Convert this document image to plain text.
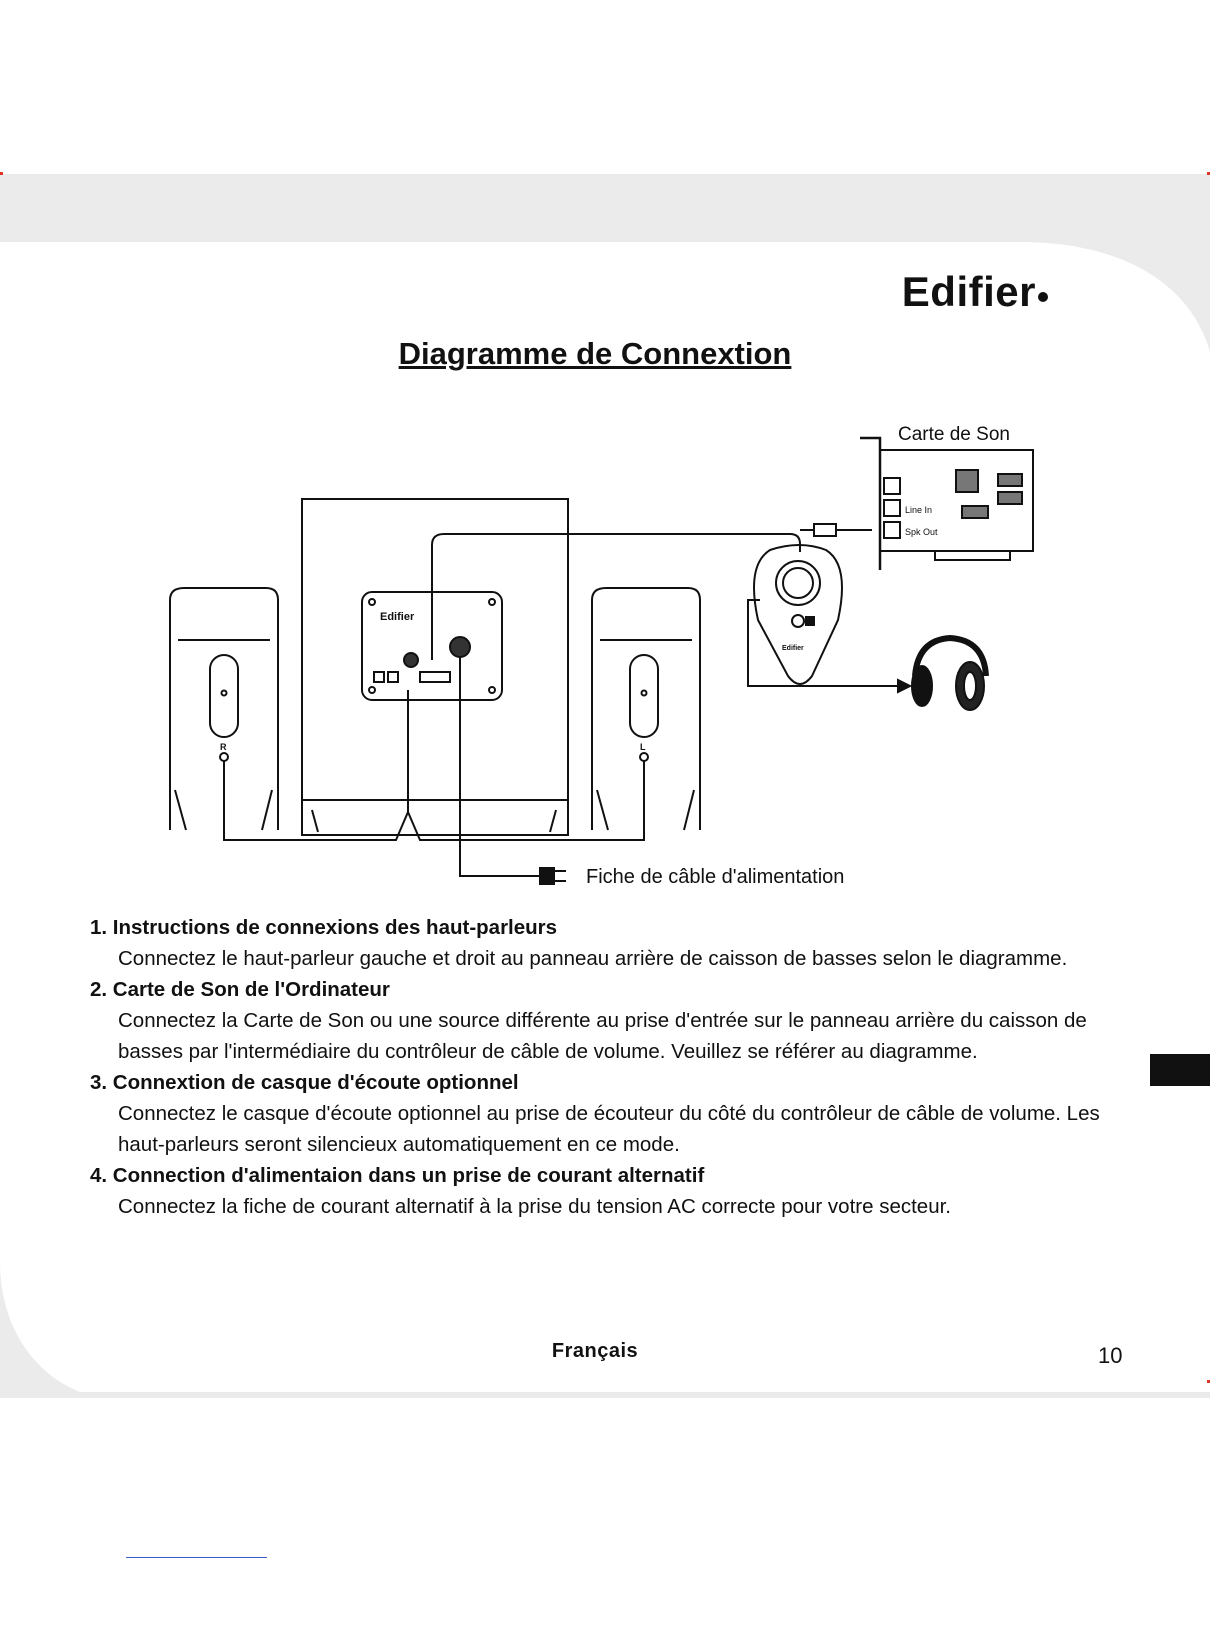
Edifier
Diagramme de Connextion
Carte de Son
Line In
Spk Out
Fiche de câble d'alimentation
R	L
Edifier
Edifier
1. Instructions de connexions des haut-parleurs
Connectez le haut-parleur gauche et droit au panneau arrière de caisson de basses selon le diagramme.
2. Carte de Son de l'Ordinateur
Connectez la Carte de Son ou une source différente au prise d'entrée sur le panneau arrière du caisson de basses par l'intermédiaire du contrôleur de câble de volume. Veuillez se référer au diagramme.
3. Connextion de casque d'écoute optionnel
Connectez le casque d'écoute optionnel au prise de écouteur du côté du contrôleur de câble de volume. Les haut-parleurs seront silencieux automatiquement en ce mode.
4. Connection d'alimentaion dans un prise de courant alternatif
Connectez la fiche de courant alternatif à la prise du tension AC correcte pour votre secteur.
Français	10
